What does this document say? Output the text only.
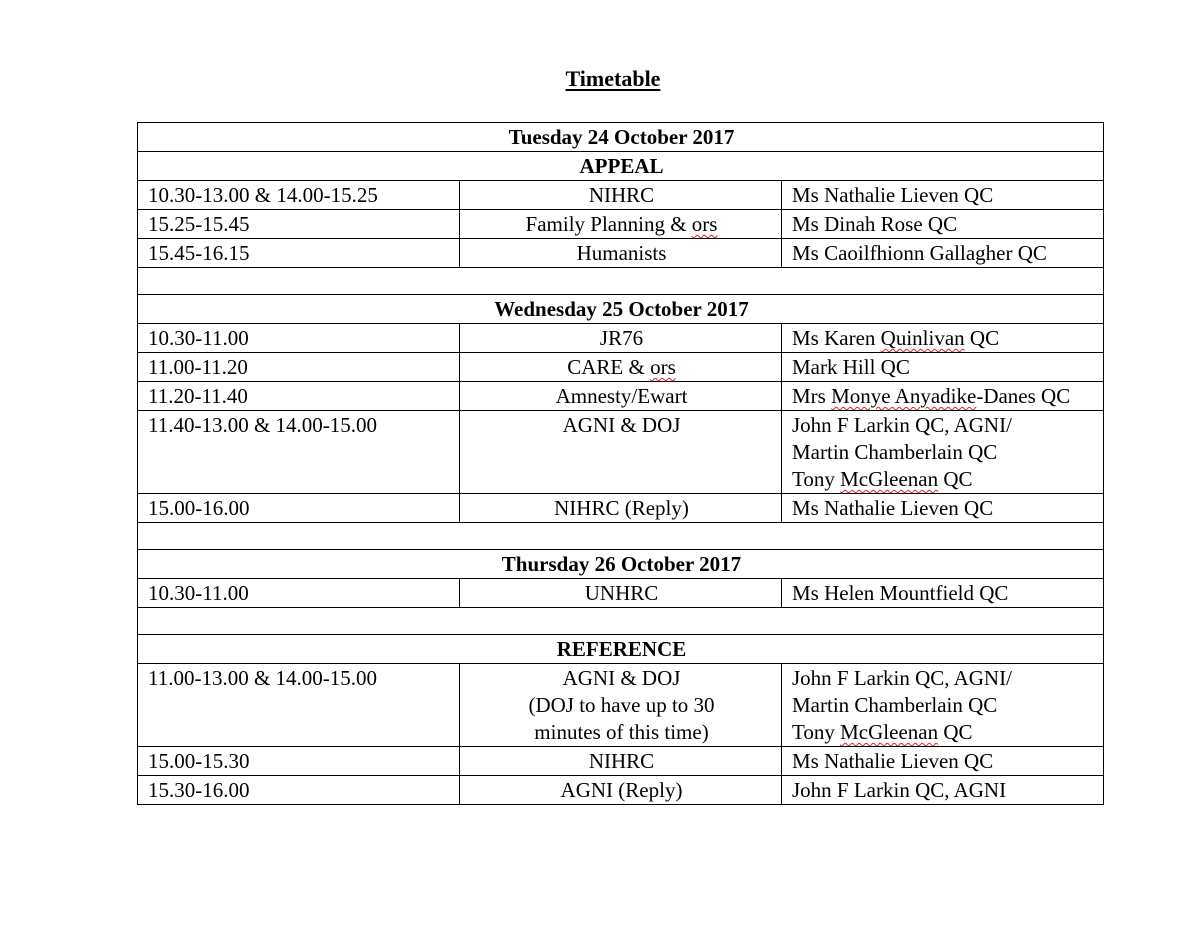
Timetable
Tuesday 24 October 2017		
APPEAL		
10.30-13.00 & 14.00-15.25	NIHRC	Ms Nathalie Lieven QC
15.25-15.45	Family Planning & ors	Ms Dinah Rose QC
15.45-16.15	Humanists	Ms Caoilfhionn Gallagher QC

Wednesday 25 October 2017		
10.30-11.00	JR76	Ms Karen Quinlivan QC
11.00-11.20	CARE & ors	Mark Hill QC
11.20-11.40	Amnesty/Ewart	Mrs Monye Anyadike-Danes QC
11.40-13.00 & 14.00-15.00	AGNI & DOJ	John F Larkin QC, AGNI/
Martin Chamberlain QC
Tony McGleenan QC

15.00-16.00	NIHRC (Reply)	Ms Nathalie Lieven QC

Thursday 26 October 2017		
10.30-11.00	UNHRC	Ms Helen Mountfield QC

REFERENCE		
11.00-13.00 & 14.00-15.00	AGNI & DOJ
(DOJ to have up to 30
minutes of this time)	John F Larkin QC, AGNI/
Martin Chamberlain QC
Tony McGleenan QC

15.00-15.30	NIHRC	Ms Nathalie Lieven QC
15.30-16.00	AGNI (Reply)	John F Larkin QC, AGNI
